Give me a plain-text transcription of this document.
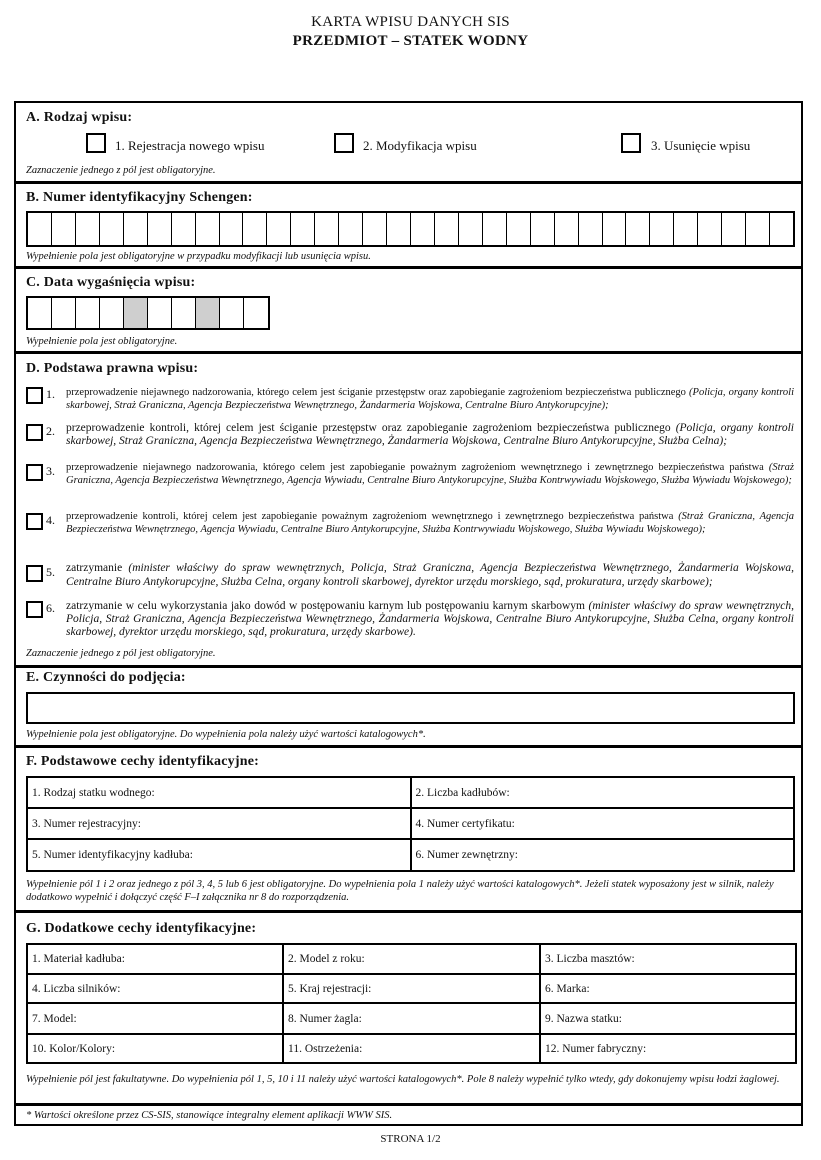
KARTA WPISU DANYCH SIS
PRZEDMIOT – STATEK WODNY
A. Rodzaj wpisu:
1. Rejestracja nowego wpisu	2. Modyfikacja wpisu	3. Usunięcie wpisu
Zaznaczenie jednego z pól jest obligatoryjne.
B. Numer identyfikacyjny Schengen:
Wypełnienie pola jest obligatoryjne w przypadku modyfikacji lub usunięcia wpisu.
C. Data wygaśnięcia wpisu:
Wypełnienie pola jest obligatoryjne.
D. Podstawa prawna wpisu:
1. przeprowadzenie niejawnego nadzorowania, którego celem jest ściganie przestępstw oraz zapobieganie zagrożeniom bezpieczeństwa publicznego (Policja, organy kontroli skarbowej, Straż Graniczna, Agencja Bezpieczeństwa Wewnętrznego, Żandarmeria Wojskowa, Centralne Biuro Antykorupcyjne);
2. przeprowadzenie kontroli, której celem jest ściganie przestępstw oraz zapobieganie zagrożeniom bezpieczeństwa publicznego (Policja, organy kontroli skarbowej, Straż Graniczna, Agencja Bezpieczeństwa Wewnętrznego, Żandarmeria Wojskowa, Centralne Biuro Antykorupcyjne, Służba Celna);
3. przeprowadzenie niejawnego nadzorowania, którego celem jest zapobieganie poważnym zagrożeniom wewnętrznego i zewnętrznego bezpieczeństwa państwa (Straż Graniczna, Agencja Bezpieczeństwa Wewnętrznego, Agencja Wywiadu, Centralne Biuro Antykorupcyjne, Służba Kontrwywiadu Wojskowego, Służba Wywiadu Wojskowego);
4. przeprowadzenie kontroli, której celem jest zapobieganie poważnym zagrożeniom wewnętrznego i zewnętrznego bezpieczeństwa państwa (Straż Graniczna, Agencja Bezpieczeństwa Wewnętrznego, Agencja Wywiadu, Centralne Biuro Antykorupcyjne, Służba Kontrwywiadu Wojskowego, Służba Wywiadu Wojskowego);
5. zatrzymanie (minister właściwy do spraw wewnętrznych, Policja, Straż Graniczna, Agencja Bezpieczeństwa Wewnętrznego, Żandarmeria Wojskowa, Centralne Biuro Antykorupcyjne, Służba Celna, organy kontroli skarbowej, dyrektor urzędu morskiego, sąd, prokuratura, urzędy skarbowe);
6. zatrzymanie w celu wykorzystania jako dowód w postępowaniu karnym lub postępowaniu karnym skarbowym (minister właściwy do spraw wewnętrznych, Policja, Straż Graniczna, Agencja Bezpieczeństwa Wewnętrznego, Żandarmeria Wojskowa, Centralne Biuro Antykorupcyjne, Służba Celna, organy kontroli skarbowej, dyrektor urzędu morskiego, sąd, prokuratura, urzędy skarbowe).
Zaznaczenie jednego z pól jest obligatoryjne.
E. Czynności do podjęcia:
Wypełnienie pola jest obligatoryjne. Do wypełnienia pola należy użyć wartości katalogowych*.
F. Podstawowe cechy identyfikacyjne:
1. Rodzaj statku wodnego:	2. Liczba kadłubów:
3. Numer rejestracyjny:	4. Numer certyfikatu:
5. Numer identyfikacyjny kadłuba:	6. Numer zewnętrzny:
Wypełnienie pól 1 i 2 oraz jednego z pól 3, 4, 5 lub 6 jest obligatoryjne. Do wypełnienia pola 1 należy użyć wartości katalogowych*. Jeżeli statek wyposażony jest w silnik, należy dodatkowo wypełnić i dołączyć część F–I załącznika nr 8 do rozporządzenia.
G. Dodatkowe cechy identyfikacyjne:
1. Materiał kadłuba:	2. Model z roku:	3. Liczba masztów:
4. Liczba silników:	5. Kraj rejestracji:	6. Marka:
7. Model:	8. Numer żagla:	9. Nazwa statku:
10. Kolor/Kolory:	11. Ostrzeżenia:	12. Numer fabryczny:
Wypełnienie pól jest fakultatywne. Do wypełnienia pól 1, 5, 10 i 11 należy użyć wartości katalogowych*. Pole 8 należy wypełnić tylko wtedy, gdy dokonujemy wpisu łodzi żaglowej.
* Wartości określone przez CS-SIS, stanowiące integralny element aplikacji WWW SIS.
STRONA 1/2
